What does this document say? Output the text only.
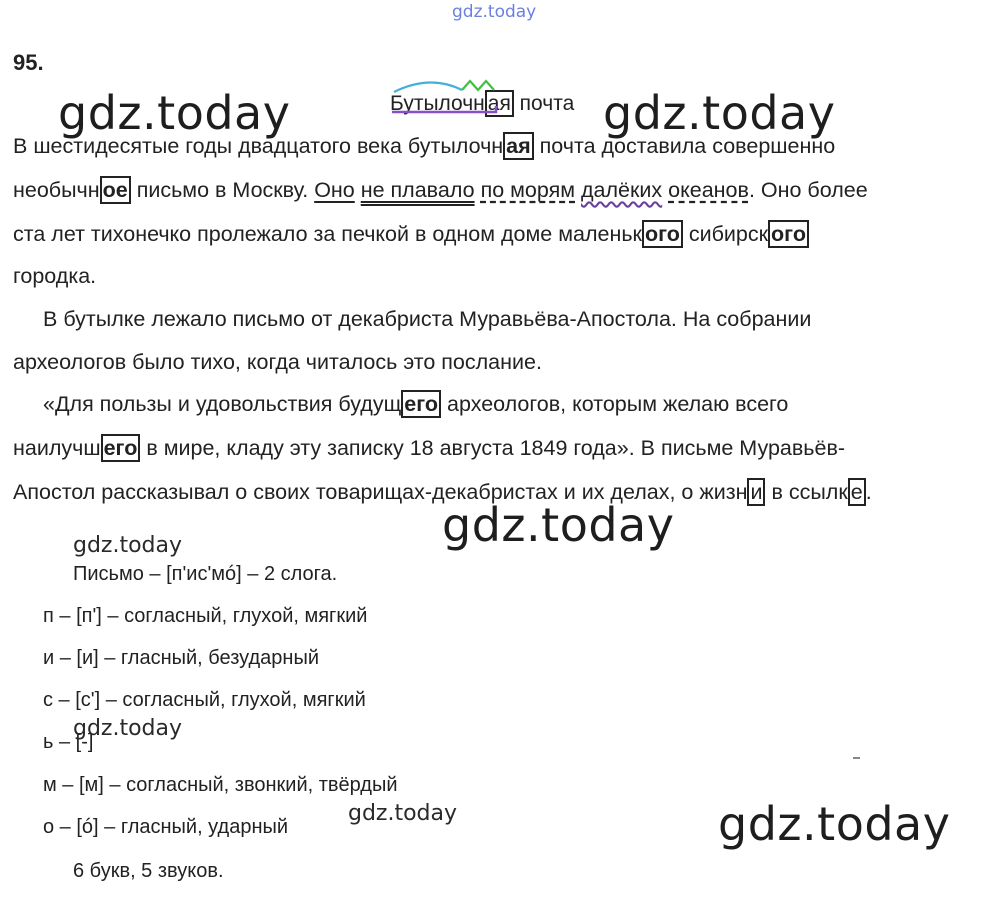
gdz.today
95.
Бутылочн ая почта
В шестидесятые годы двадцатого века бутылочн ая почта доставила совершенно
необычн ое письмо в Москву. Оно не плавало по морям далёких океанов. Оно более
ста лет тихонечко пролежало за печкой в одном доме маленьк ого сибирск ого
городка.
В бутылке лежало письмо от декабриста Муравьёва-Апостола. На собрании
археологов было тихо, когда читалось это послание.
«Для пользы и удовольствия будущ его археологов, которым желаю всего
наилучш его в мире, кладу эту записку 18 августа 1849 года». В письме Муравьёв-
Апостол рассказывал о своих товарищах-декабристах и их делах, о жизн и в ссылк е .
Письмо – [п'ис'мó] – 2 слога.
п – [п'] – согласный, глухой, мягкий
и – [и] – гласный, безударный
с – [с'] – согласный, глухой, мягкий
ь – [-]
м – [м] – согласный, звонкий, твёрдый
о – [ó] – гласный, ударный
6 букв, 5 звуков.
gdz.today	gdz.today
gdz.today
gdz.today
gdz.today
gdz.today
gdz.today
